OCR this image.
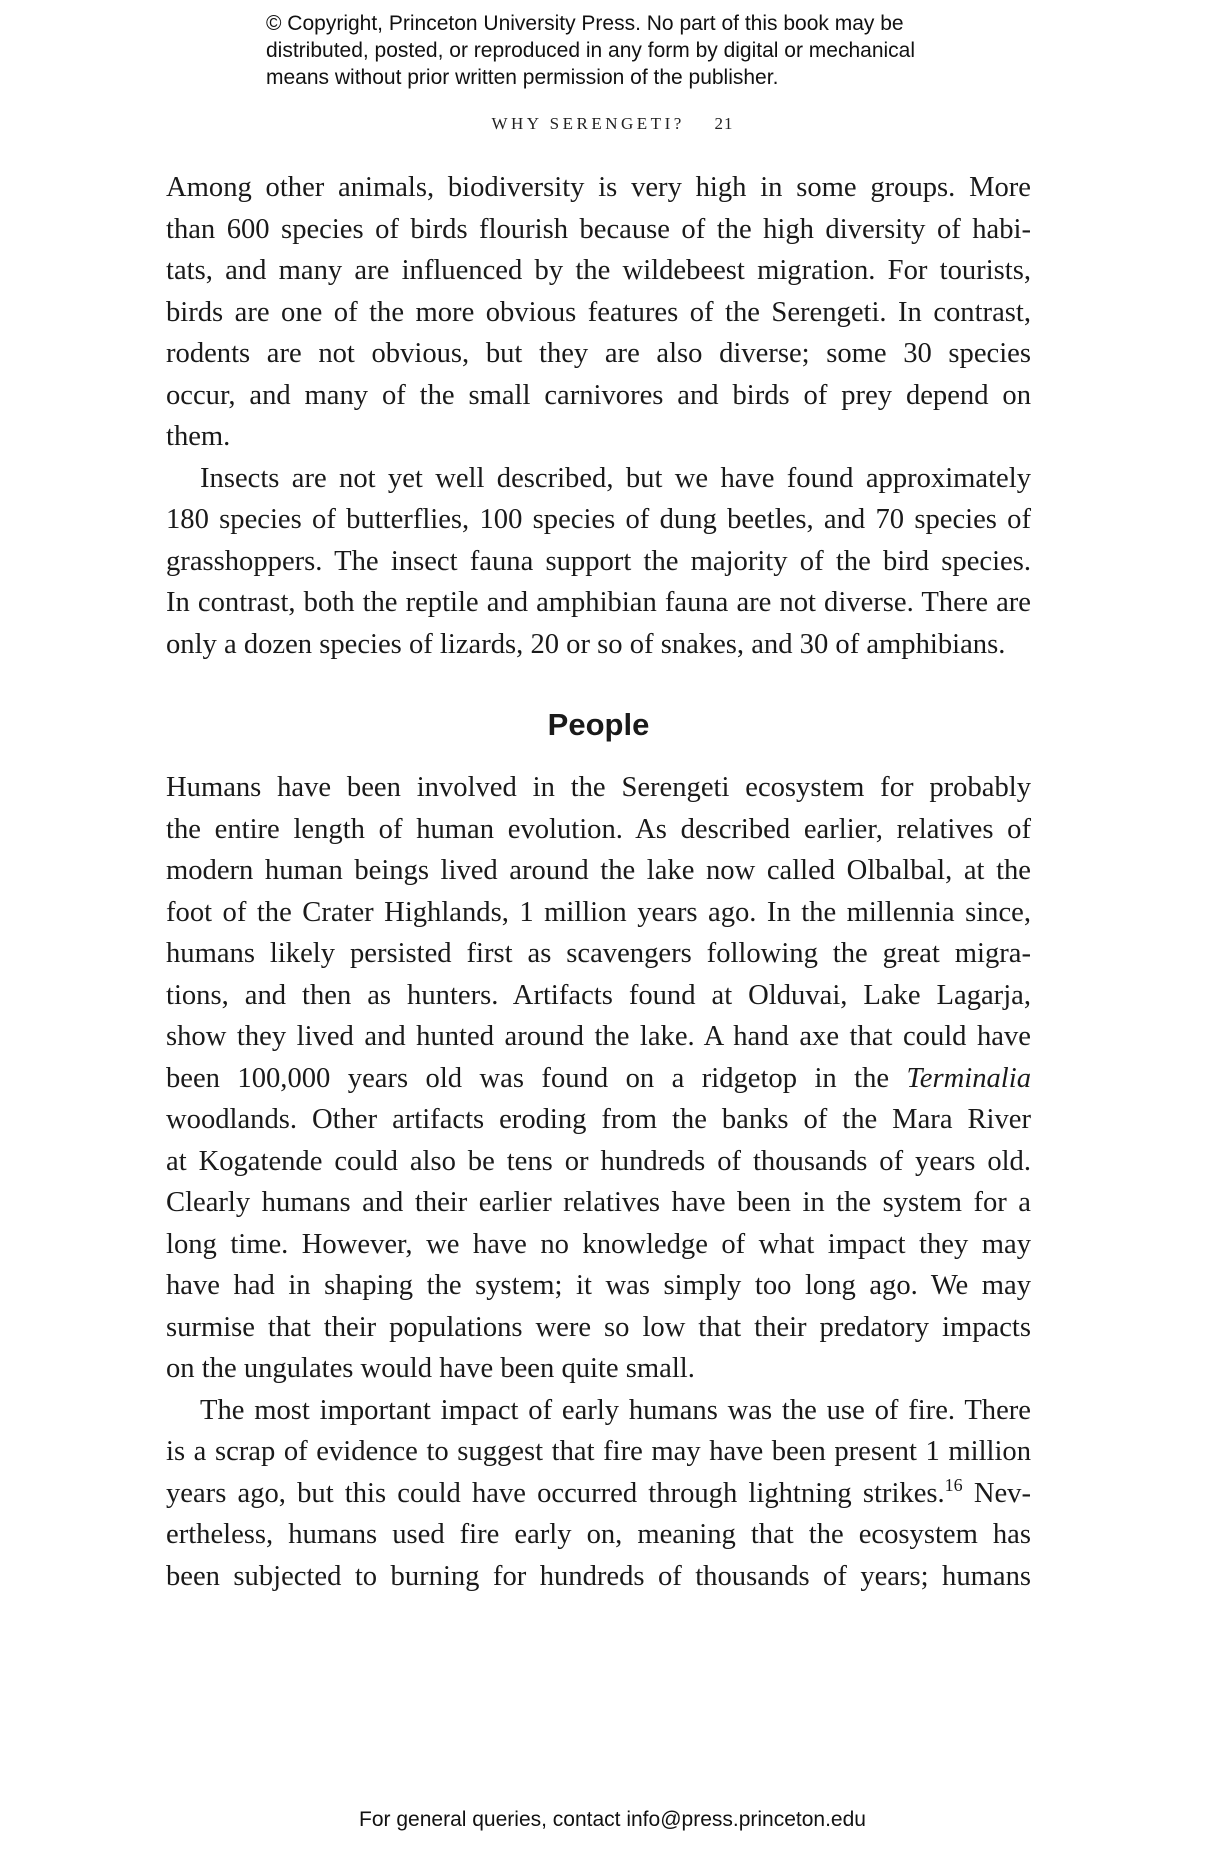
© Copyright, Princeton University Press. No part of this book may be

distributed, posted, or reproduced in any form by digital or mechanical

means without prior written permission of the publisher.

WHY SERENGETI? 21
Among other animals, biodiversity is very high in some groups. More
than 600 species of birds flourish because of the high diversity of habi-
tats, and many are influenced by the wildebeest migration. For tourists,
birds are one of the more obvious features of the Serengeti. In contrast,
rodents are not obvious, but they are also diverse; some 30 species
occur, and many of the small carnivores and birds of prey depend on
them.
Insects are not yet well described, but we have found approximately
180 species of butterflies, 100 species of dung beetles, and 70 species of
grasshoppers. The insect fauna support the majority of the bird species.
In contrast, both the reptile and amphibian fauna are not diverse. There are
only a dozen species of lizards, 20 or so of snakes, and 30 of amphibians.
People
Humans have been involved in the Serengeti ecosystem for probably
the entire length of human evolution. As described earlier, relatives of
modern human beings lived around the lake now called Olbalbal, at the
foot of the Crater Highlands, 1 million years ago. In the millennia since,
humans likely persisted first as scavengers following the great migra-
tions, and then as hunters. Artifacts found at Olduvai, Lake Lagarja,
show they lived and hunted around the lake. A hand axe that could have
been 100,000 years old was found on a ridgetop in the Terminalia
woodlands. Other artifacts eroding from the banks of the Mara River
at Kogatende could also be tens or hundreds of thousands of years old.
Clearly humans and their earlier relatives have been in the system for a
long time. However, we have no knowledge of what impact they may
have had in shaping the system; it was simply too long ago. We may
surmise that their populations were so low that their predatory impacts
on the ungulates would have been quite small.
The most important impact of early humans was the use of fire. There
is a scrap of evidence to suggest that fire may have been present 1 million
years ago, but this could have occurred through lightning strikes.$^{16}$ Nev-
ertheless, humans used fire early on, meaning that the ecosystem has
been subjected to burning for hundreds of thousands of years; humans
For general queries, contact info@press.princeton.edu
